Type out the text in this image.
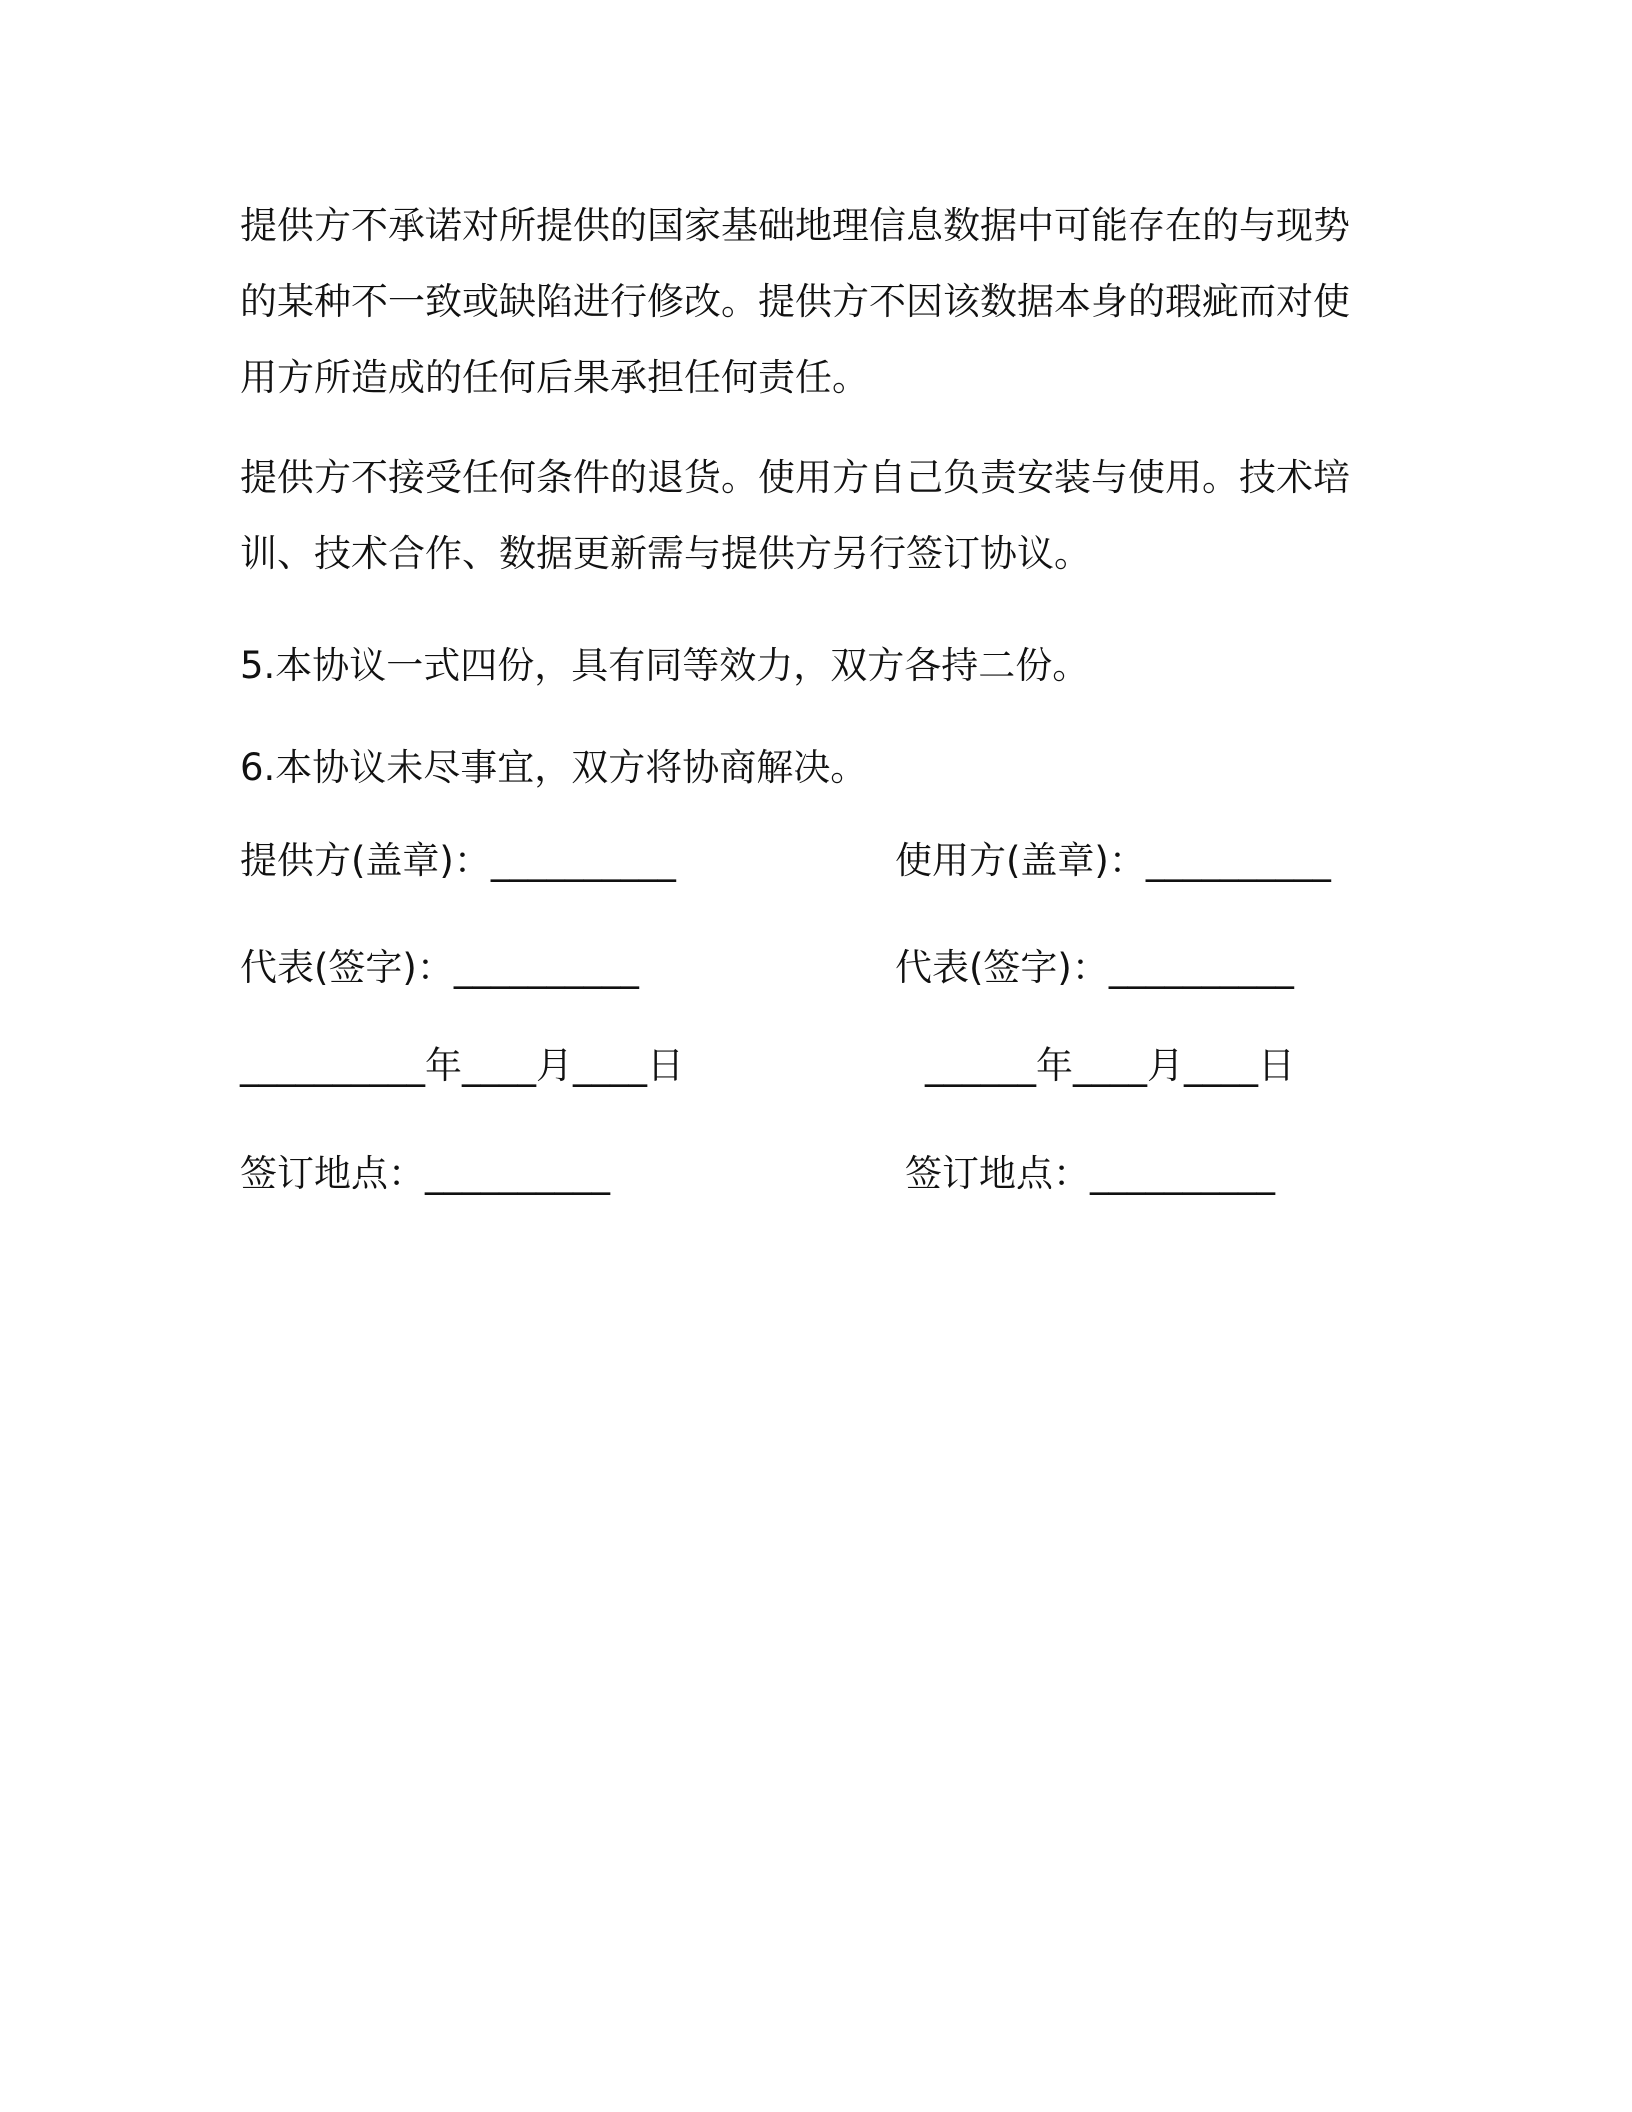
提供方不承诺对所提供的国家基础地理信息数据中可能存在的与现势的某种不一致或缺陷进行修改。提供方不因该数据本身的瑕疵而对使用方所造成的任何后果承担任何责任。

提供方不接受任何条件的退货。使用方自己负责安装与使用。技术培训、技术合作、数据更新需与提供方另行签订协议。

5.本协议一式四份，具有同等效力，双方各持二份。

6.本协议未尽事宜，双方将协商解决。

提供方(盖章)：__________	使用方(盖章)：__________
代表(签字)：__________	代表(签字)：__________
__________年____月____日	______年____月____日
签订地点：__________	签订地点：__________
